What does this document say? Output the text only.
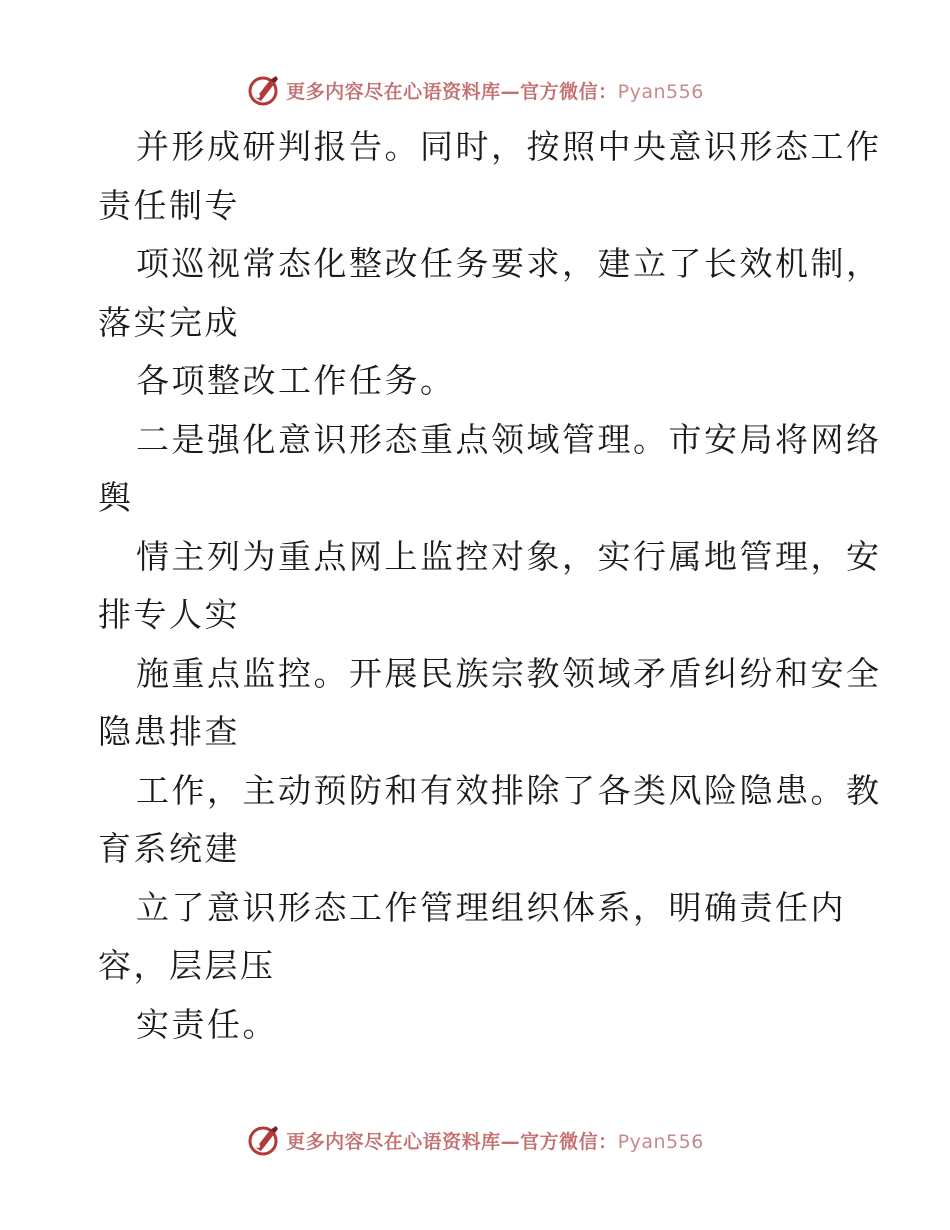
更多内容尽在心语资料库—官方微信：Pyan556
并形成研判报告。同时，按照中央意识形态工作
责任制专
项巡视常态化整改任务要求，建立了长效机制，
落实完成
各项整改工作任务。
二是强化意识形态重点领域管理。市安局将网络
舆
情主列为重点网上监控对象，实行属地管理，安
排专人实
施重点监控。开展民族宗教领域矛盾纠纷和安全
隐患排查
工作，主动预防和有效排除了各类风险隐患。教
育系统建
立了意识形态工作管理组织体系，明确责任内
容，层层压
实责任。
更多内容尽在心语资料库—官方微信：Pyan556
